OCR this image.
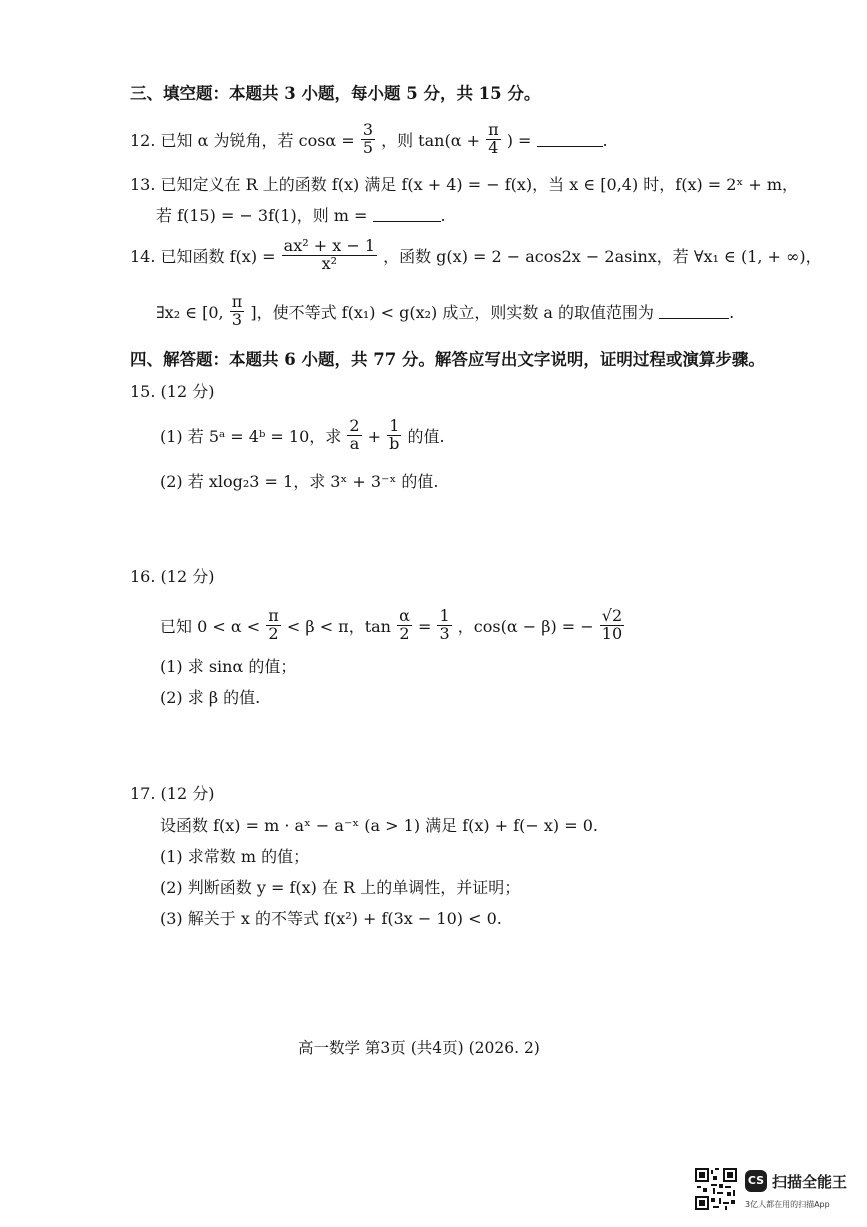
三、填空题：本题共 3 小题，每小题 5 分，共 15 分。
12. 已知 α 为锐角，若 $\cos\alpha = \frac{3}{5}$ ，则 $\tan(\alpha + \frac{\pi}{4}$ ) =	.
13. 已知定义在 R 上的函数 f(x) 满足 f(x + 4) = − f(x)，当 x ∈ [0,4) 时，f(x) = 2ˣ + m，
若 f(15) = − 3f(1)，则 m =	.
14. 已知函数 $f(x) = \frac{\text{ax² + x − 1}}{\text{x²}}$ ，函数 g(x) = 2 − acos2x − 2asinx，若 ∀x₁ ∈ (1, + ∞)，
∃x₂ ∈ [0, $\frac{\pi}{3}$ ]，使不等式 f(x₁) < g(x₂) 成立，则实数 a 的取值范围为	.
四、解答题：本题共 6 小题，共 77 分。解答应写出文字说明，证明过程或演算步骤。
15. (12 分)
(1) 若 5ᵃ = 4ᵇ = 10，求 $\frac{2}{a} + \frac{1}{b}$ 的值.
(2) 若 xlog₂3 = 1，求 3ˣ + 3⁻ˣ 的值.
16. (12 分)
已知 $0 < \alpha < \frac{\pi}{2} < \beta < \pi$，$\tan \frac{\alpha}{2} = \frac{1}{3}$ ，cos(α − β) = − $\frac{√2}{10}$
(1) 求 sinα 的值；
(2) 求 β 的值.
17. (12 分)
设函数 f(x) = m · aˣ − a⁻ˣ (a > 1) 满足 f(x) + f(− x) = 0.
(1) 求常数 m 的值；
(2) 判断函数 y = f(x) 在 R 上的单调性，并证明；
(3) 解关于 x 的不等式 f(x²) + f(3x − 10) < 0.
高一数学 第3页 (共4页) (2026. 2)
CS 扫描全能王
3亿人都在用的扫描App
